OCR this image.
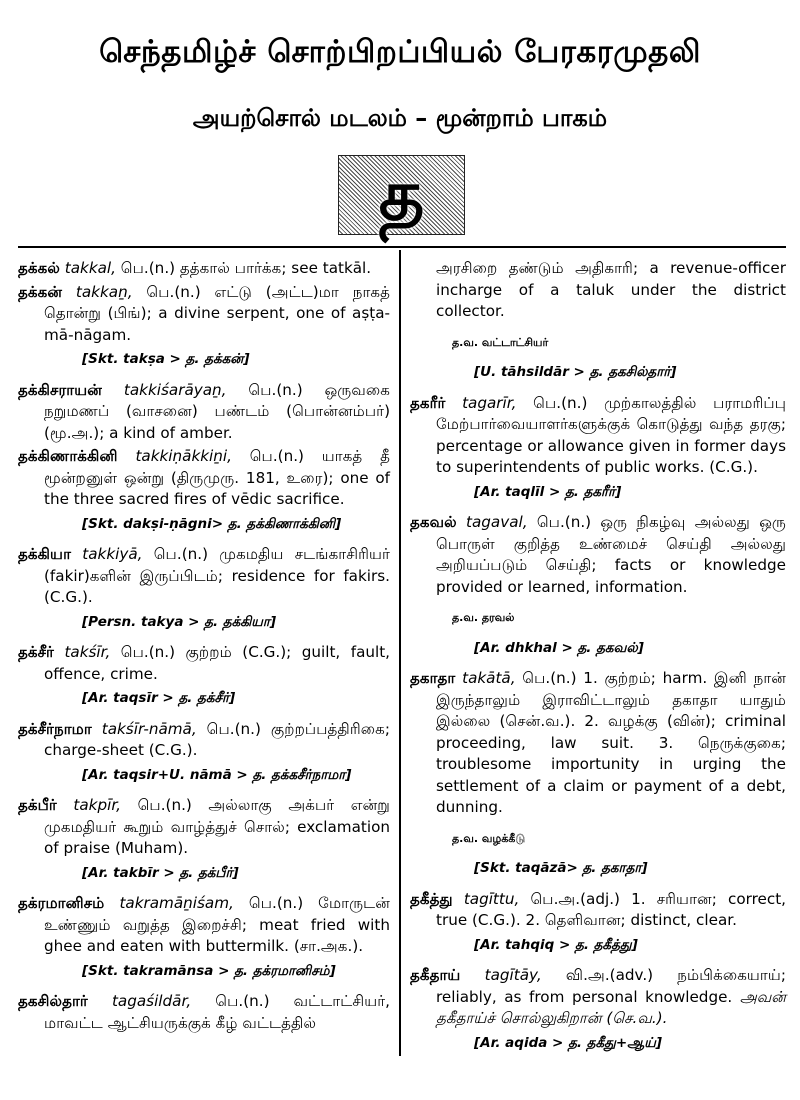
செந்தமிழ்ச் சொற்பிறப்பியல் பேரகரமுதலி
அயற்சொல் மடலம் – மூன்றாம் பாகம்
த
தக்கல் takkal, பெ.(n.) தத்கால் பார்க்க; see tatkāl.
தக்கன் takkaṉ, பெ.(n.) எட்டு (அட்ட)மா நாகத் தொன்று (பிங்); a divine serpent, one of aṣṭa-mā-nāgam.
[Skt. takṣa > த. தக்கன்]
தக்கிசராயன் takkiśarāyaṉ, பெ.(n.) ஒருவகை நறுமணப் (வாசனை) பண்டம் (பொன்னம்பர்) (மூ.அ.); a kind of amber.
தக்கிணாக்கினி takkiṇākkiṉi, பெ.(n.) யாகத் தீ மூன்றனுள் ஒன்று (திருமுரு. 181, உரை); one of the three sacred fires of vēdic sacrifice.
[Skt. dakṣi-ṇāgni> த. தக்கிணாக்கினி]
தக்கியா takkiyā, பெ.(n.) முகமதிய சடங்காசிரியர் (fakir)களின் இருப்பிடம்; residence for fakirs. (C.G.).
[Persn. takya > த. தக்கியா]
தக்சீர் takśīr, பெ.(n.) குற்றம் (C.G.); guilt, fault, offence, crime.
[Ar. taqsīr > த. தக்சீர்]
தக்சீர்நாமா takśīr-nāmā, பெ.(n.) குற்றப்பத்திரிகை; charge-sheet (C.G.).
[Ar. taqsir+U. nāmā > த. தக்கசீர்நாமா]
தக்பீர் takpīr, பெ.(n.) அல்லாகு அக்பர் என்று முகமதியர் கூறும் வாழ்த்துச் சொல்; exclamation of praise (Muham).
[Ar. takbīr > த. தக்பீர்]
தக்ரமானிசம் takramāṉiśam, பெ.(n.) மோருடன் உண்ணும் வறுத்த இறைச்சி; meat fried with ghee and eaten with buttermilk. (சா.அக.).
[Skt. takramānsa > த. தக்ரமானிசம்]
தகசில்தார் tagaśildār, பெ.(n.) வட்டாட்சியர், மாவட்ட ஆட்சியருக்குக் கீழ் வட்டத்தில்
அரசிறை தண்டும் அதிகாரி; a revenue-officer incharge of a taluk under the district collector.
த.வ. வட்டாட்சியர்
[U. tāhsildār > த. தகசில்தார்]
தகரீர் tagarīr, பெ.(n.) முற்காலத்தில் பராமரிப்பு மேற்பார்வையாளர்களுக்குக் கொடுத்து வந்த தரகு; percentage or allowance given in former days to superintendents of public works. (C.G.).
[Ar. taqlīl > த. தகரீர்]
தகவல் tagaval, பெ.(n.) ஒரு நிகழ்வு அல்லது ஒரு பொருள் குறித்த உண்மைச் செய்தி அல்லது அறியப்படும் செய்தி; facts or knowledge provided or learned, information.
த.வ. தரவல்
[Ar. dhkhal > த. தகவல்]
தகாதா takātā, பெ.(n.) 1. குற்றம்; harm. இனி நான் இருந்தாலும் இராவிட்டாலும் தகாதா யாதும் இல்லை (சென்.வ.). 2. வழக்கு (வின்); criminal proceeding, law suit. 3. நெருக்குகை; troublesome importunity in urging the settlement of a claim or payment of a debt, dunning.
த.வ. வழக்கீடு
[Skt. taqāzā> த. தகாதா]
தகீத்து tagīttu, பெ.அ.(adj.) 1. சரியான; correct, true (C.G.). 2. தெளிவான; distinct, clear.
[Ar. tahqiq > த. தகீத்து]
தகீதாய் tagītāy, வி.அ.(adv.) நம்பிக்கையாய்; reliably, as from personal knowledge. அவன் தகீதாய்ச் சொல்லுகிறான் (செ.வ.).
[Ar. aqida > த. தகீது+ஆய்]
